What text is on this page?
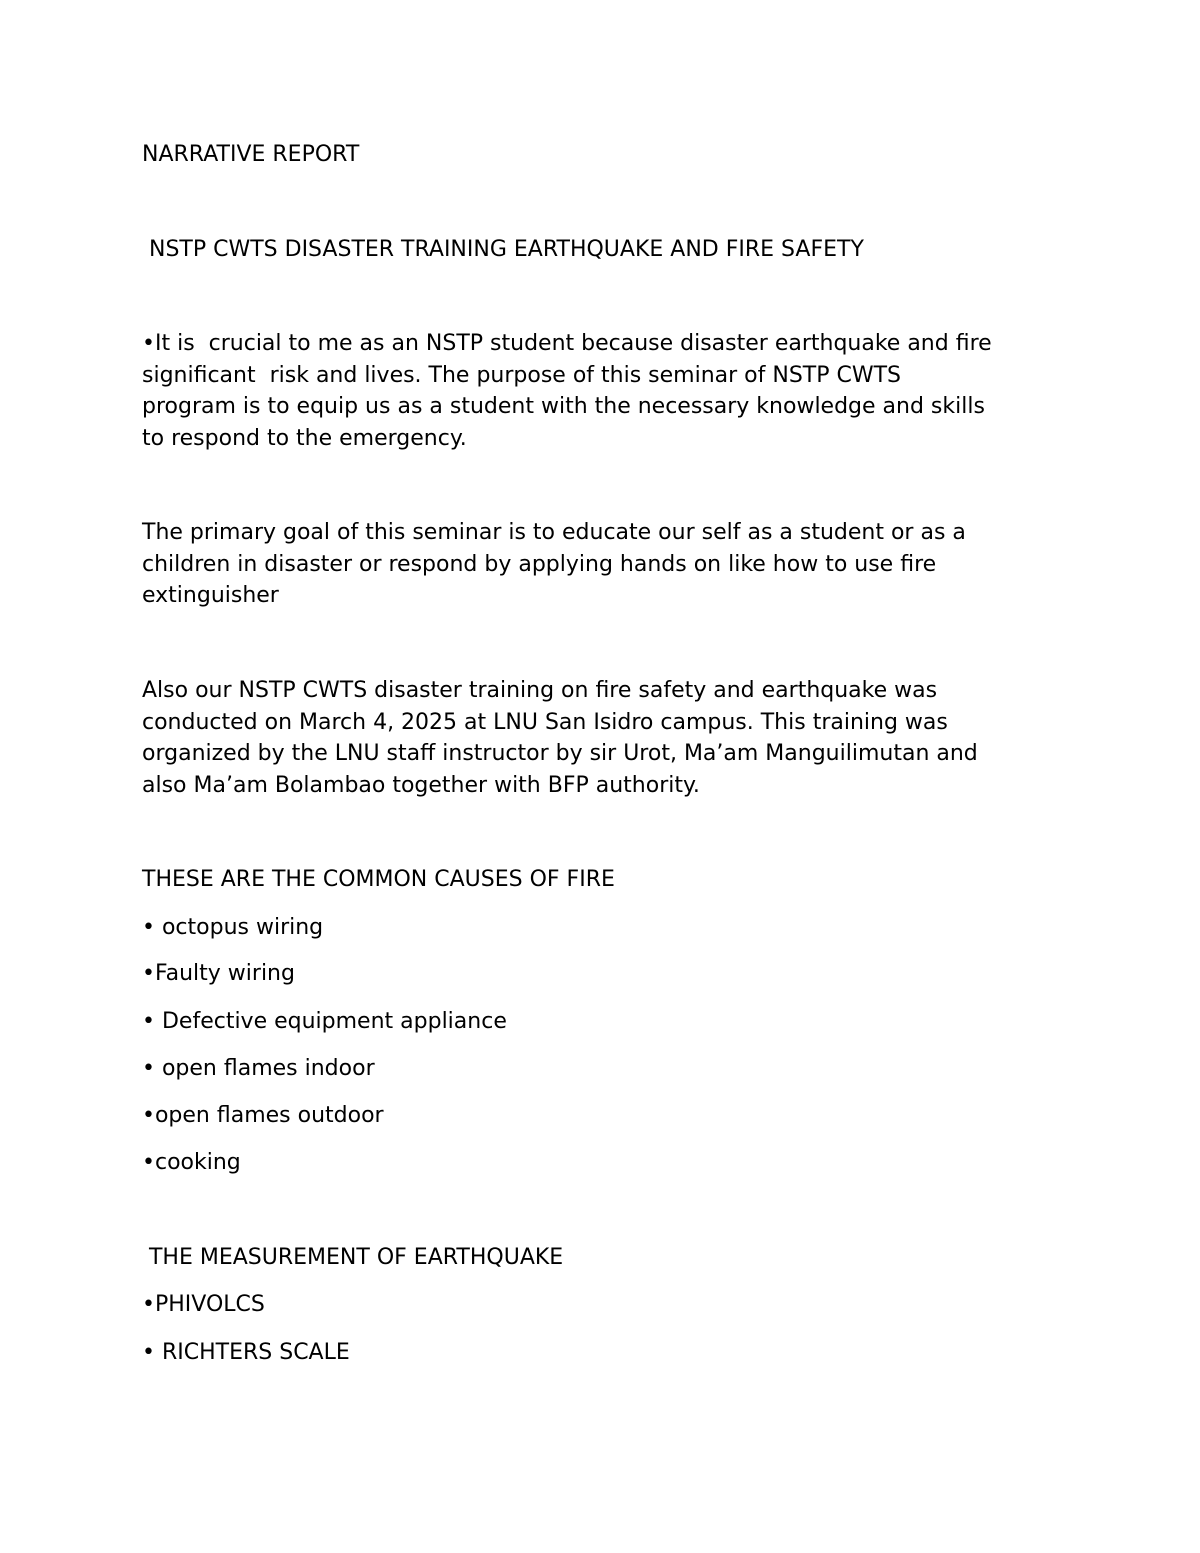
NARRATIVE REPORT

NSTP CWTS DISASTER TRAINING EARTHQUAKE AND FIRE SAFETY

•It is  crucial to me as an NSTP student because disaster earthquake and fire
significant  risk and lives. The purpose of this seminar of NSTP CWTS
program is to equip us as a student with the necessary knowledge and skills
to respond to the emergency.
The primary goal of this seminar is to educate our self as a student or as a
children in disaster or respond by applying hands on like how to use fire
extinguisher
Also our NSTP CWTS disaster training on fire safety and earthquake was
conducted on March 4, 2025 at LNU San Isidro campus. This training was
organized by the LNU staff instructor by sir Urot, Ma’am Manguilimutan and
also Ma’am Bolambao together with BFP authority.

THESE ARE THE COMMON CAUSES OF FIRE

• octopus wiring

•Faulty wiring

• Defective equipment appliance

• open flames indoor

•open flames outdoor

•cooking

THE MEASUREMENT OF EARTHQUAKE

•PHIVOLCS

• RICHTERS SCALE
